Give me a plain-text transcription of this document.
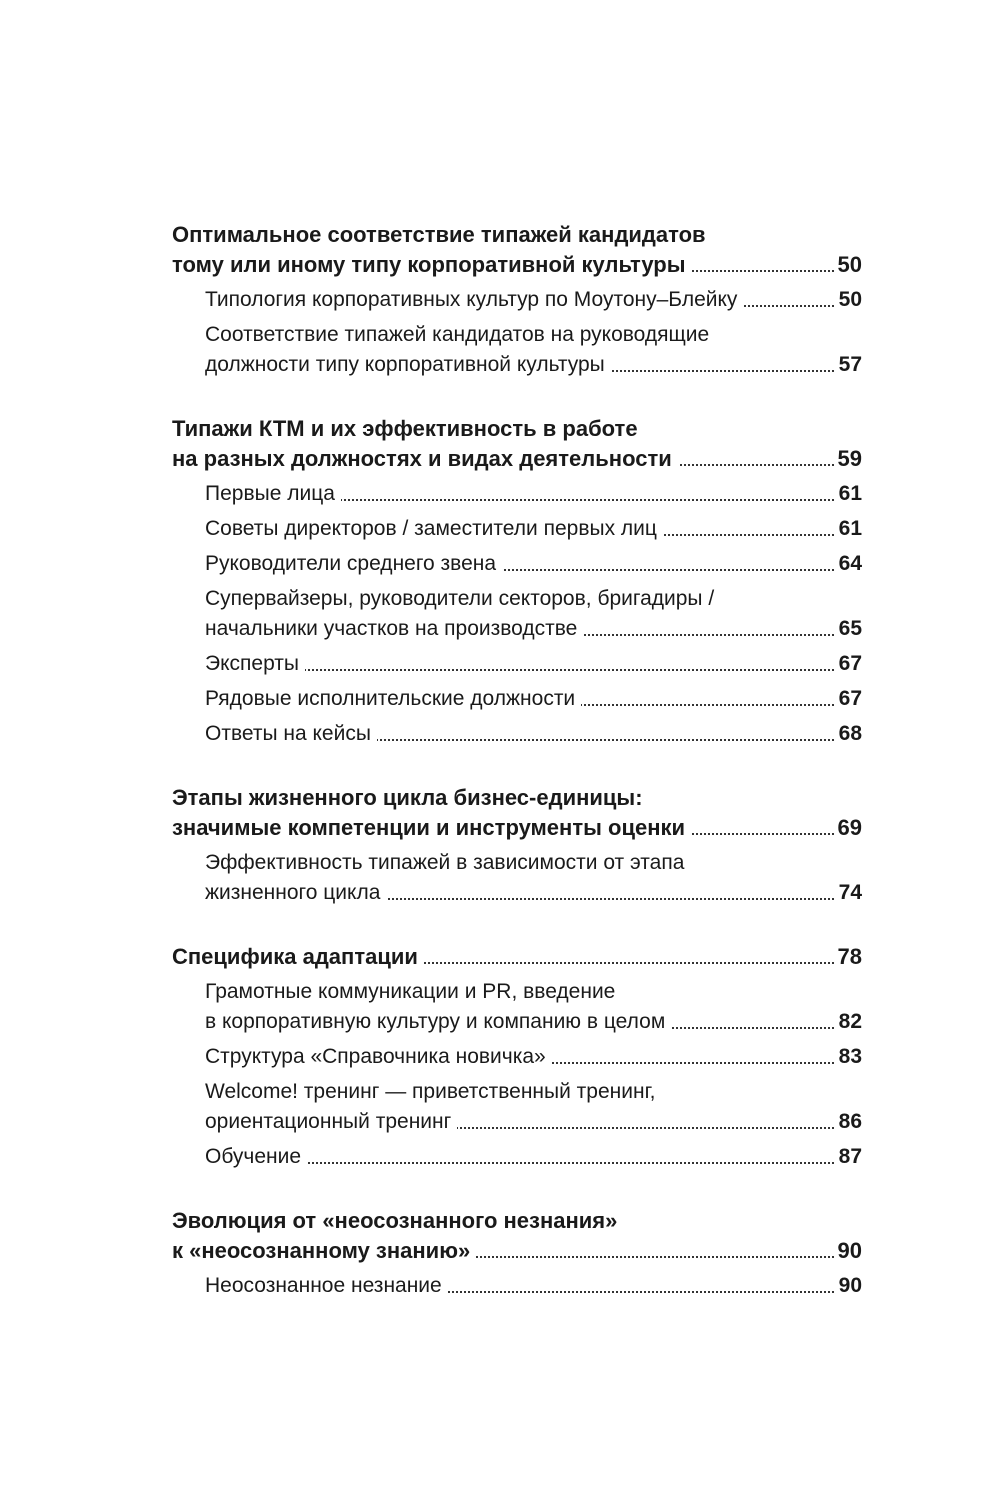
Оптимальное соответствие типажей кандидатов
тому или иному типу корпоративной культуры	50
Типология корпоративных культур по Моутону–Блейку	50
Соответствие типажей кандидатов на руководящие
должности типу корпоративной культуры	57
Типажи КТМ и их эффективность в работе
на разных должностях и видах деятельности	59
Первые лица	61
Советы директоров / заместители первых лиц	61
Руководители среднего звена	64
Супервайзеры, руководители секторов, бригадиры /
начальники участков на производстве	65
Эксперты	67
Рядовые исполнительские должности	67
Ответы на кейсы	68
Этапы жизненного цикла бизнес-единицы:
значимые компетенции и инструменты оценки	69
Эффективность типажей в зависимости от этапа
жизненного цикла	74
Специфика адаптации	78
Грамотные коммуникации и PR, введение
в корпоративную культуру и компанию в целом	82
Структура «Справочника новичка»	83
Welcome! тренинг — приветственный тренинг,
ориентационный тренинг	86
Обучение	87
Эволюция от «неосознанного незнания»
к «неосознанному знанию»	90
Неосознанное незнание	90
